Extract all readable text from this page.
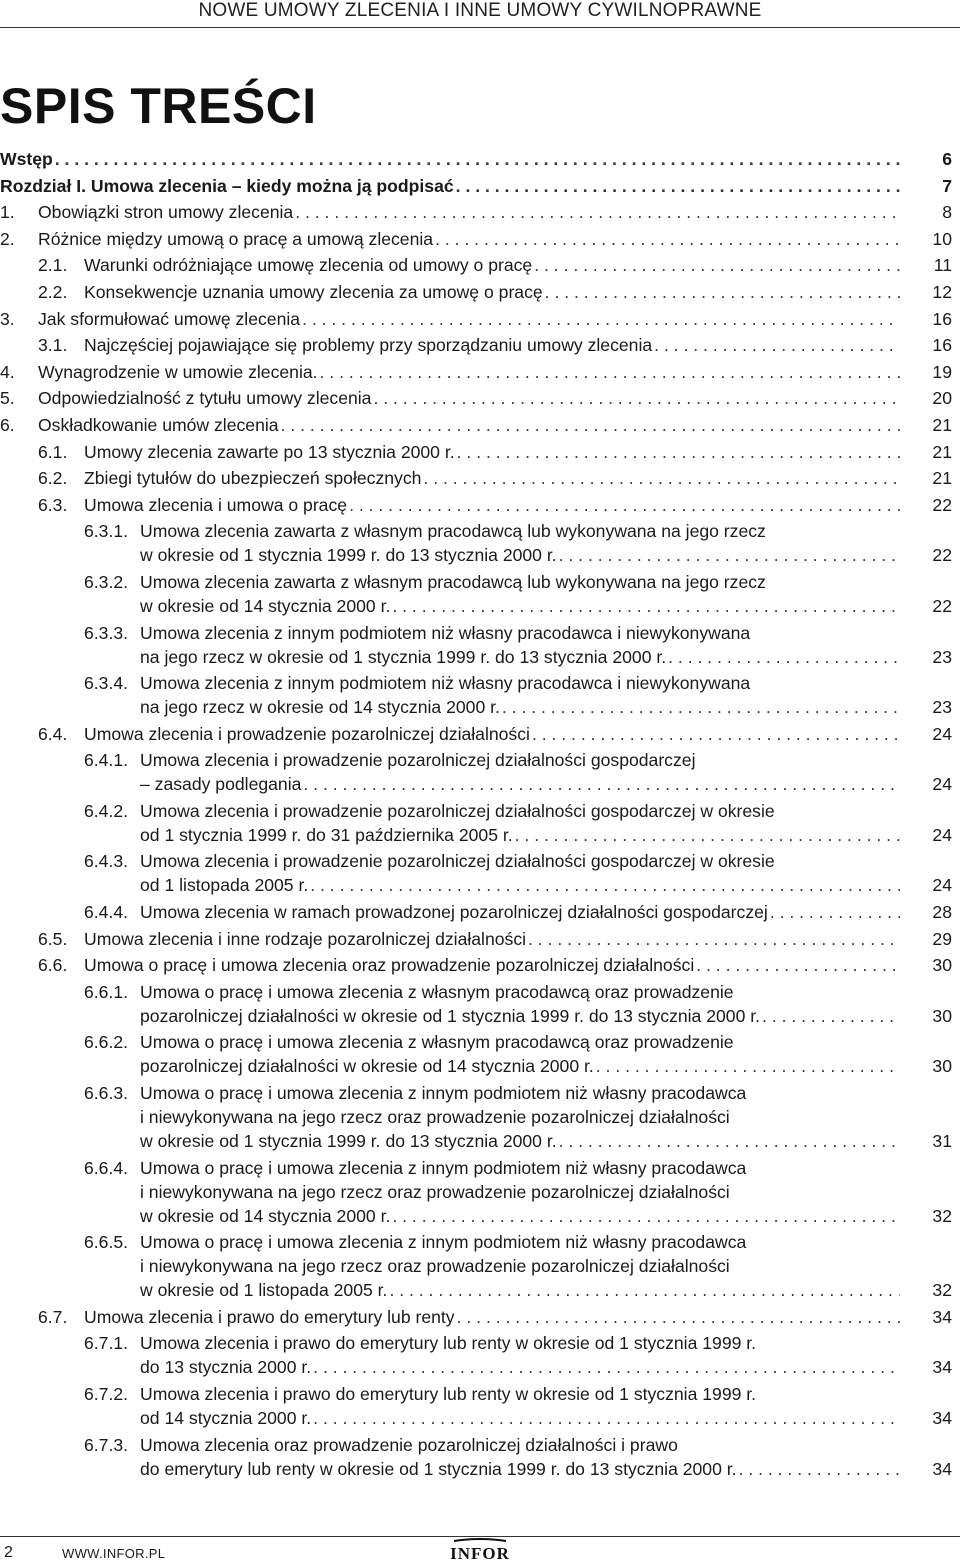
NOWE UMOWY ZLECENIA I INNE UMOWY CYWILNOPRAWNE
SPIS TREŚCI
Wstęp . . .	6
Rozdział I. Umowa zlecenia – kiedy można ją podpisać . . .	7
1.	Obowiązki stron umowy zlecenia . . .	8
2.	Różnice między umową o pracę a umową zlecenia . . .	10
2.1. Warunki odróżniające umowę zlecenia od umowy o pracę . . .	11
2.2. Konsekwencje uznania umowy zlecenia za umowę o pracę . . .	12
3.	Jak sformułować umowę zlecenia . . .	16
3.1. Najczęściej pojawiające się problemy przy sporządzaniu umowy zlecenia . . .	16
4.	Wynagrodzenie w umowie zlecenia. . . .	19
5.	Odpowiedzialność z tytułu umowy zlecenia . . .	20
6.	Oskładkowanie umów zlecenia . . .	21
6.1. Umowy zlecenia zawarte po 13 stycznia 2000 r. . . .	21
6.2. Zbiegi tytułów do ubezpieczeń społecznych . . .	21
6.3. Umowa zlecenia i umowa o pracę . . .	22
6.3.1. Umowa zlecenia zawarta z własnym pracodawcą lub wykonywana na jego rzecz
w okresie od 1 stycznia 1999 r. do 13 stycznia 2000 r. . . .	22
6.3.2. Umowa zlecenia zawarta z własnym pracodawcą lub wykonywana na jego rzecz
w okresie od 14 stycznia 2000 r. . . .	22
6.3.3. Umowa zlecenia z innym podmiotem niż własny pracodawca i niewykonywana
na jego rzecz w okresie od 1 stycznia 1999 r. do 13 stycznia 2000 r. . . .	23
6.3.4. Umowa zlecenia z innym podmiotem niż własny pracodawca i niewykonywana
na jego rzecz w okresie od 14 stycznia 2000 r. . . .	23
6.4. Umowa zlecenia i prowadzenie pozarolniczej działalności . . .	24
6.4.1. Umowa zlecenia i prowadzenie pozarolniczej działalności gospodarczej
– zasady podlegania . . .	24
6.4.2. Umowa zlecenia i prowadzenie pozarolniczej działalności gospodarczej w okresie
od 1 stycznia 1999 r. do 31 października 2005 r. . . .	24
6.4.3. Umowa zlecenia i prowadzenie pozarolniczej działalności gospodarczej w okresie
od 1 listopada 2005 r. . . .	24
6.4.4. Umowa zlecenia w ramach prowadzonej pozarolniczej działalności gospodarczej . . .	28
6.5. Umowa zlecenia i inne rodzaje pozarolniczej działalności . . .	29
6.6. Umowa o pracę i umowa zlecenia oraz prowadzenie pozarolniczej działalności . . .	30
6.6.1. Umowa o pracę i umowa zlecenia z własnym pracodawcą oraz prowadzenie
pozarolniczej działalności w okresie od 1 stycznia 1999 r. do 13 stycznia 2000 r. . . .	30
6.6.2. Umowa o pracę i umowa zlecenia z własnym pracodawcą oraz prowadzenie
pozarolniczej działalności w okresie od 14 stycznia 2000 r. . . .	30
6.6.3. Umowa o pracę i umowa zlecenia z innym podmiotem niż własny pracodawca
i niewykonywana na jego rzecz oraz prowadzenie pozarolniczej działalności
w okresie od 1 stycznia 1999 r. do 13 stycznia 2000 r. . . .	31
6.6.4. Umowa o pracę i umowa zlecenia z innym podmiotem niż własny pracodawca
i niewykonywana na jego rzecz oraz prowadzenie pozarolniczej działalności
w okresie od 14 stycznia 2000 r. . . .	32
6.6.5. Umowa o pracę i umowa zlecenia z innym podmiotem niż własny pracodawca
i niewykonywana na jego rzecz oraz prowadzenie pozarolniczej działalności
w okresie od 1 listopada 2005 r. . . .	32
6.7. Umowa zlecenia i prawo do emerytury lub renty . . .	34
6.7.1. Umowa zlecenia i prawo do emerytury lub renty w okresie od 1 stycznia 1999 r.
do 13 stycznia 2000 r. . . .	34
6.7.2. Umowa zlecenia i prawo do emerytury lub renty w okresie od 1 stycznia 1999 r.
od 14 stycznia 2000 r. . . .	34
6.7.3. Umowa zlecenia oraz prowadzenie pozarolniczej działalności i prawo
do emerytury lub renty w okresie od 1 stycznia 1999 r. do 13 stycznia 2000 r. . . .	34
2	WWW.INFOR.PL	INFOR
